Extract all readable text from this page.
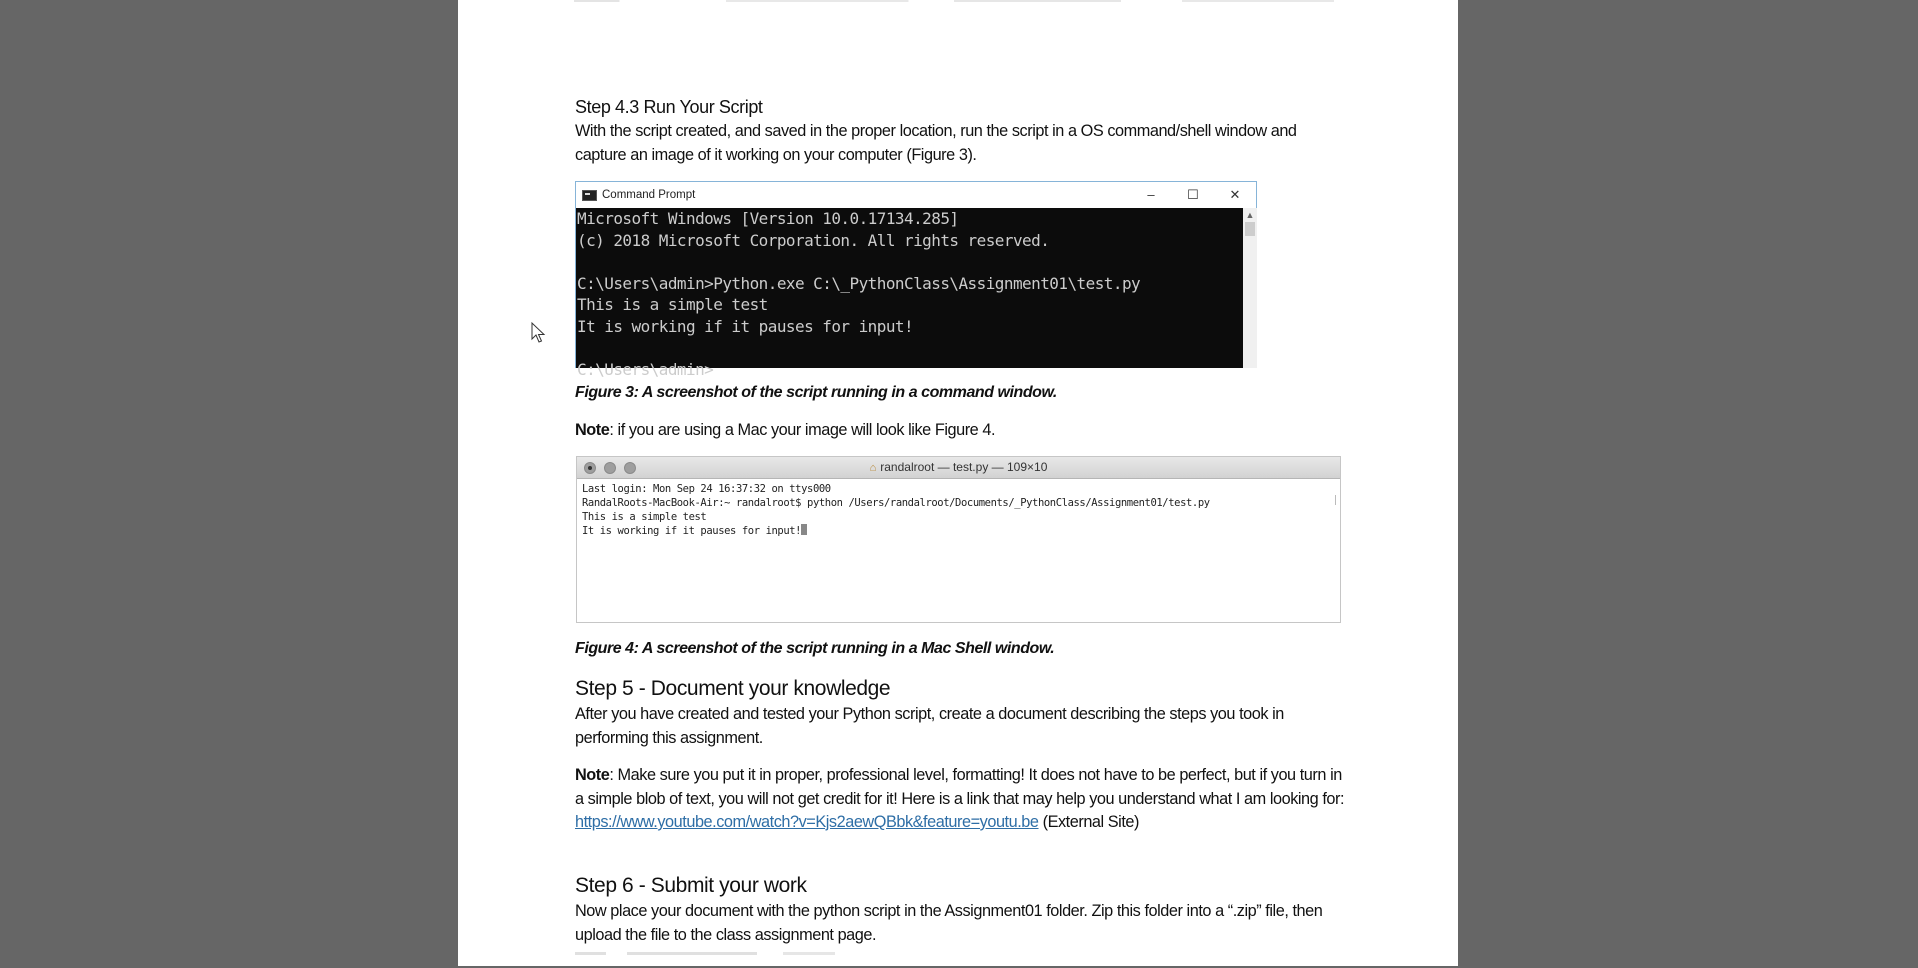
Step 4.3 Run Your Script
With the script created, and saved in the proper location, run the script in a OS command/shell window and capture an image of it working on your computer (Figure 3).
Command Prompt	–	☐	✕
Microsoft Windows [Version 10.0.17134.285]
(c) 2018 Microsoft Corporation. All rights reserved.
C:\Users\admin>Python.exe C:\_PythonClass\Assignment01\test.py
This is a simple test
It is working if it pauses for input!
C:\Users\admin>
▲
Figure 3: A screenshot of the script running in a command window.
Note: if you are using a Mac your image will look like Figure 4.
⌂ randalroot — test.py — 109×10
Last login: Mon Sep 24 16:37:32 on ttys000
RandalRoots-MacBook-Air:~ randalroot$ python /Users/randalroot/Documents/_PythonClass/Assignment01/test.py
This is a simple test
It is working if it pauses for input!
Figure 4: A screenshot of the script running in a Mac Shell window.
Step 5 - Document your knowledge
After you have created and tested your Python script, create a document describing the steps you took in performing this assignment.
Note: Make sure you put it in proper, professional level, formatting! It does not have to be perfect, but if you turn in a simple blob of text, you will not get credit for it! Here is a link that may help you understand what I am looking for:
https://www.youtube.com/watch?v=Kjs2aewQBbk&feature=youtu.be (External Site)
Step 6 - Submit your work
Now place your document with the python script in the Assignment01 folder. Zip this folder into a “.zip” file, then upload the file to the class assignment page.
